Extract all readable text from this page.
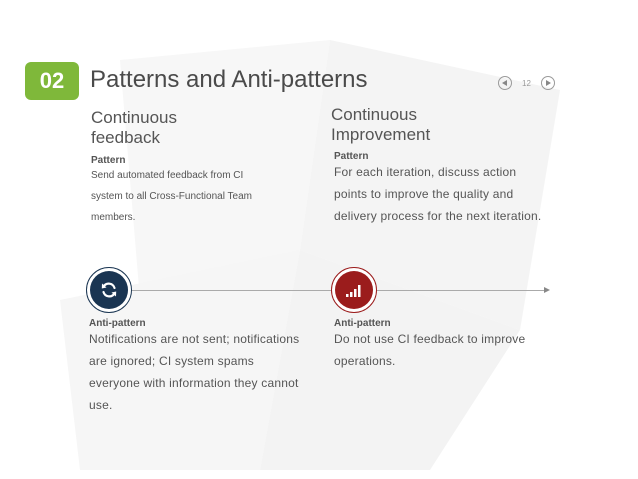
02	Patterns and Anti-patterns	12
Continuous
feedback
Pattern
Send automated feedback from CI
system to all Cross-Functional Team
members.
Continuous
Improvement
Pattern
For each iteration, discuss action
points to improve the quality and
delivery process for the next iteration.
Anti-pattern
Notifications are not sent; notifications
are ignored; CI system spams
everyone with information they cannot
use.
Anti-pattern
Do not use CI feedback to improve
operations.
